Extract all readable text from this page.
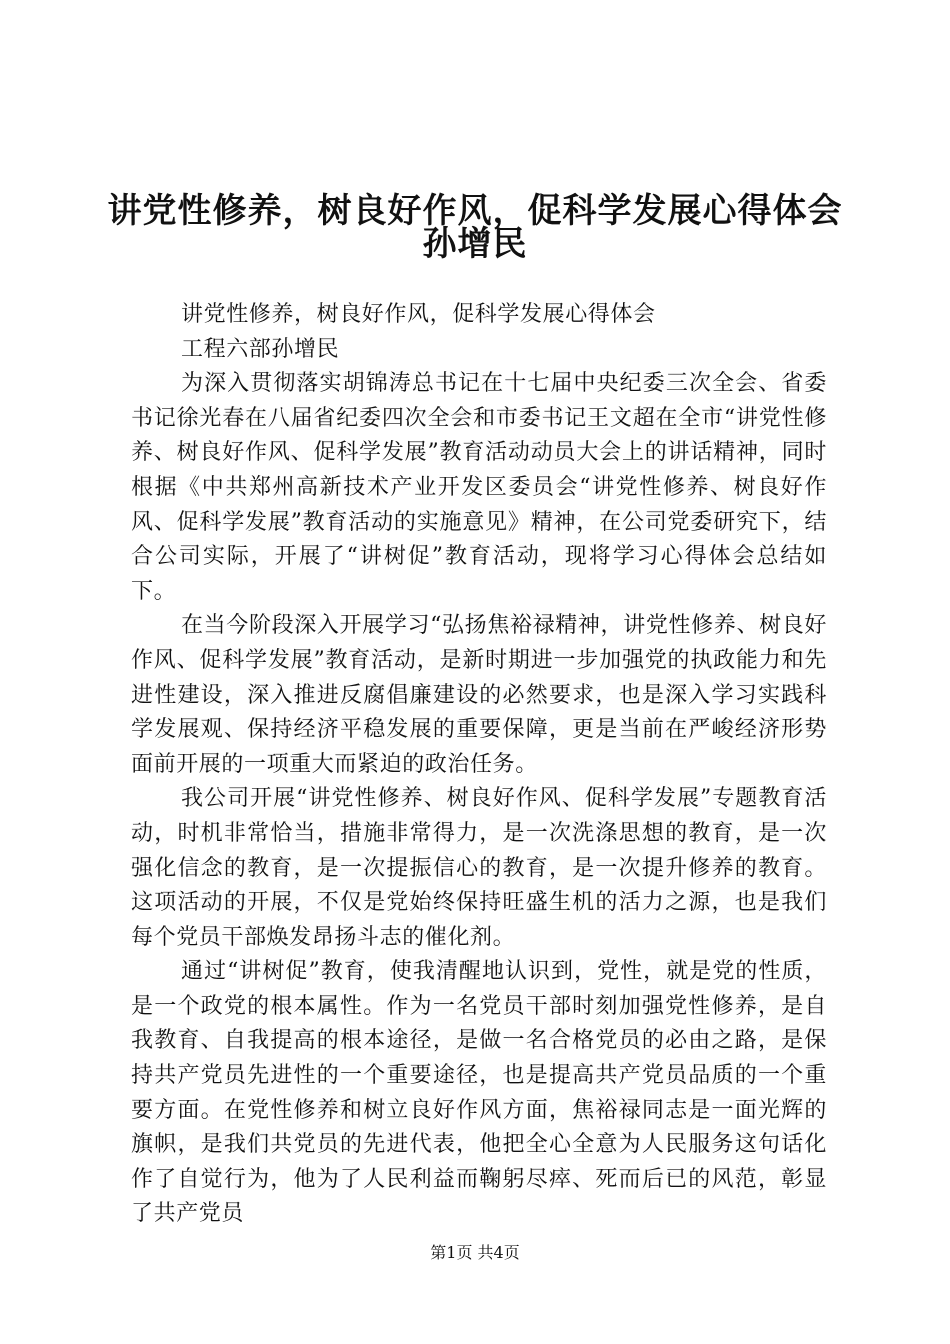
讲党性修养，树良好作风，促科学发展心得体会
孙增民

讲党性修养，树良好作风，促科学发展心得体会

工程六部孙增民

为深入贯彻落实胡锦涛总书记在十七届中央纪委三次全会、省委书记徐光春在八届省纪委四次全会和市委书记王文超在全市“讲党性修养、树良好作风、促科学发展”教育活动动员大会上的讲话精神，同时根据《中共郑州高新技术产业开发区委员会“讲党性修养、树良好作风、促科学发展”教育活动的实施意见》精神，在公司党委研究下，结合公司实际，开展了“讲树促”教育活动，现将学习心得体会总结如下。

在当今阶段深入开展学习“弘扬焦裕禄精神，讲党性修养、树良好作风、促科学发展”教育活动，是新时期进一步加强党的执政能力和先进性建设，深入推进反腐倡廉建设的必然要求，也是深入学习实践科学发展观、保持经济平稳发展的重要保障，更是当前在严峻经济形势面前开展的一项重大而紧迫的政治任务。

我公司开展“讲党性修养、树良好作风、促科学发展”专题教育活动，时机非常恰当，措施非常得力，是一次洗涤思想的教育，是一次强化信念的教育，是一次提振信心的教育，是一次提升修养的教育。这项活动的开展，不仅是党始终保持旺盛生机的活力之源，也是我们每个党员干部焕发昂扬斗志的催化剂。

通过“讲树促”教育，使我清醒地认识到，党性，就是党的性质，是一个政党的根本属性。作为一名党员干部时刻加强党性修养，是自我教育、自我提高的根本途径，是做一名合格党员的必由之路，是保持共产党员先进性的一个重要途径，也是提高共产党员品质的一个重要方面。在党性修养和树立良好作风方面，焦裕禄同志是一面光辉的旗帜，是我们共党员的先进代表，他把全心全意为人民服务这句话化作了自觉行为，他为了人民利益而鞠躬尽瘁、死而后已的风范，彰显了共产党员

第1页 共4页
